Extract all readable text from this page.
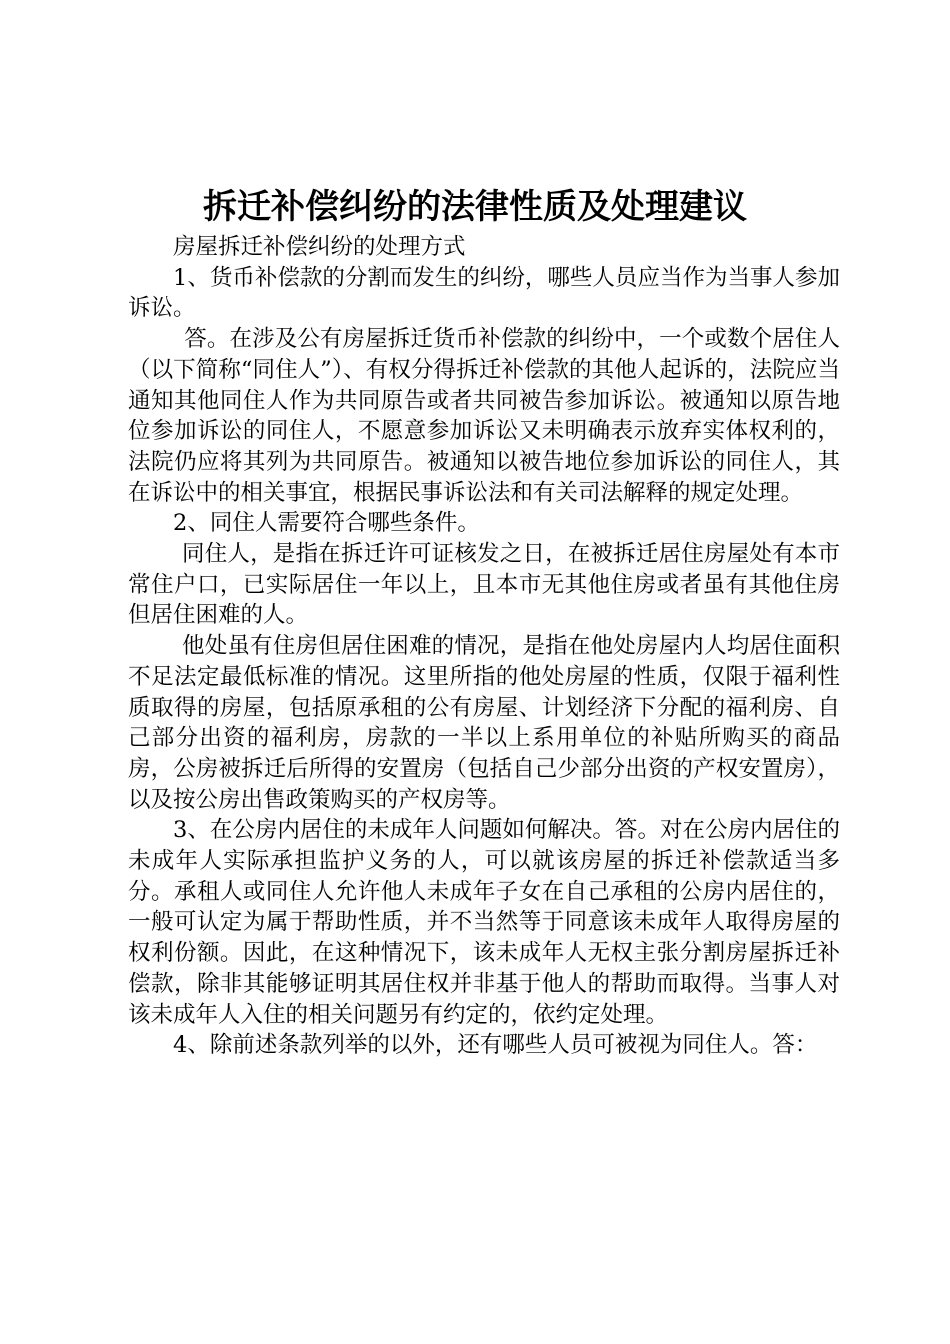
拆迁补偿纠纷的法律性质及处理建议

房屋拆迁补偿纠纷的处理方式

1、货币补偿款的分割而发生的纠纷，哪些人员应当作为当事人参加诉讼。

答。在涉及公有房屋拆迁货币补偿款的纠纷中，一个或数个居住人（以下简称“同住人”）、有权分得拆迁补偿款的其他人起诉的，法院应当通知其他同住人作为共同原告或者共同被告参加诉讼。被通知以原告地位参加诉讼的同住人，不愿意参加诉讼又未明确表示放弃实体权利的，法院仍应将其列为共同原告。被通知以被告地位参加诉讼的同住人，其在诉讼中的相关事宜，根据民事诉讼法和有关司法解释的规定处理。

2、同住人需要符合哪些条件。

同住人，是指在拆迁许可证核发之日，在被拆迁居住房屋处有本市常住户口，已实际居住一年以上，且本市无其他住房或者虽有其他住房但居住困难的人。

他处虽有住房但居住困难的情况，是指在他处房屋内人均居住面积不足法定最低标准的情况。这里所指的他处房屋的性质，仅限于福利性质取得的房屋，包括原承租的公有房屋、计划经济下分配的福利房、自己部分出资的福利房，房款的一半以上系用单位的补贴所购买的商品房，公房被拆迁后所得的安置房（包括自己少部分出资的产权安置房），以及按公房出售政策购买的产权房等。

3、在公房内居住的未成年人问题如何解决。答。对在公房内居住的未成年人实际承担监护义务的人，可以就该房屋的拆迁补偿款适当多分。承租人或同住人允许他人未成年子女在自己承租的公房内居住的，一般可认定为属于帮助性质，并不当然等于同意该未成年人取得房屋的权利份额。因此，在这种情况下，该未成年人无权主张分割房屋拆迁补偿款，除非其能够证明其居住权并非基于他人的帮助而取得。当事人对该未成年人入住的相关问题另有约定的，依约定处理。

4、除前述条款列举的以外，还有哪些人员可被视为同住人。答：
